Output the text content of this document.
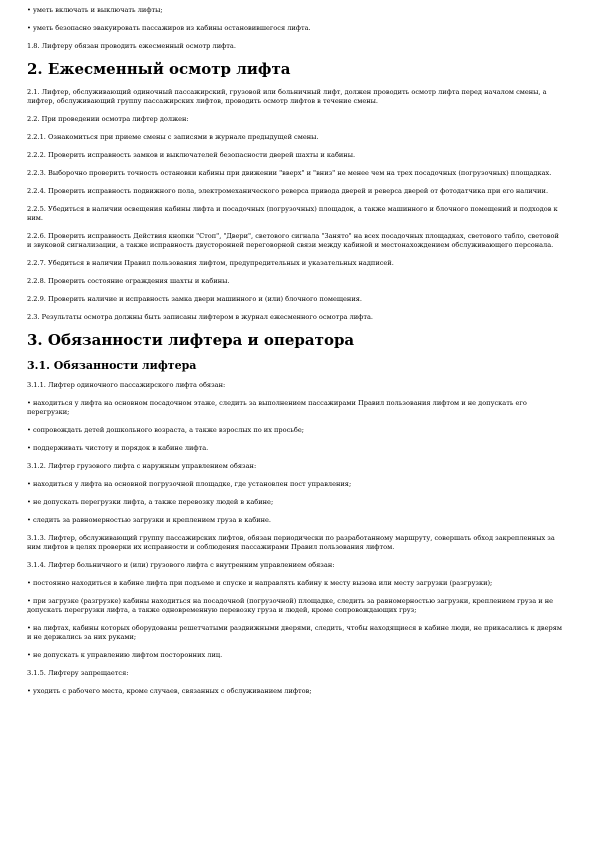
• уметь включать и выключать лифты;
• уметь безопасно эвакуировать пассажиров из кабины остановившегося лифта.
1.8. Лифтеру обязан проводить ежесменный осмотр лифта.
2. Ежесменный осмотр лифта
2.1. Лифтер, обслуживающий одиночный пассажирский, грузовой или больничный лифт, должен проводить осмотр лифта перед началом смены, а лифтер, обслуживающий группу пассажирских лифтов, проводить осмотр лифтов в течение смены.
2.2. При проведении осмотра лифтер должен:
2.2.1. Ознакомиться при приеме смены с записями в журнале предыдущей смены.
2.2.2. Проверить исправность замков и выключателей безопасности дверей шахты и кабины.
2.2.3. Выборочно проверить точность остановки кабины при движении "вверх" и "вниз" не менее чем на трех посадочных (погрузочных) площадках.
2.2.4. Проверить исправность подвижного пола, электромеханического реверса привода дверей и реверса дверей от фотодатчика при его наличии.
2.2.5. Убедиться в наличии освещения кабины лифта и посадочных (погрузочных) площадок, а также машинного и блочного помещений и подходов к ним.
2.2.6. Проверить исправность Действия кнопки "Стоп", "Двери", светового сигнала "Занято" на всех посадочных площадках, светового табло, световой и звуковой сигнализации, а также исправность двусторонней переговорной связи между кабиной и местонахождением обслуживающего персонала.
2.2.7. Убедиться в наличии Правил пользования лифтом, предупредительных и указательных надписей.
2.2.8. Проверить состояние ограждения шахты и кабины.
2.2.9. Проверить наличие и исправность замка двери машинного и (или) блочного помещения.
2.3. Результаты осмотра должны быть записаны лифтером в журнал ежесменного осмотра лифта.
3. Обязанности лифтера и оператора
3.1. Обязанности лифтера
3.1.1. Лифтер одиночного пассажирского лифта обязан:
• находиться у лифта на основном посадочном этаже, следить за выполнением пассажирами Правил пользования лифтом и не допускать его перегрузки;
• сопровождать детей дошкольного возраста, а также взрослых по их просьбе;
• поддерживать чистоту и порядок в кабине лифта.
3.1.2. Лифтер грузового лифта с наружным управлением обязан:
• находиться у лифта на основной погрузочной площадке, где установлен пост управления;
• не допускать перегрузки лифта, а также перевозку людей в кабине;
• следить за равномерностью загрузки и креплением груза в кабине.
3.1.3. Лифтер, обслуживающий группу пассажирских лифтов, обязан периодически по разработанному маршруту, совершать обход закрепленных за ним лифтов в целях проверки их исправности и соблюдения пассажирами Правил пользования лифтом.
3.1.4. Лифтер больничного и (или) грузового лифта с внутренним управлением обязан:
• постоянно находиться в кабине лифта при подъеме и спуске и направлять кабину к месту вызова или месту загрузки (разгрузки);
• при загрузке (разгрузке) кабины находиться на посадочной (погрузочной) площадке, следить за равномерностью загрузки, креплением груза и не допускать перегрузки лифта, а также одновременную перевозку груза и людей, кроме сопровождающих груз;
• на лифтах, кабины которых оборудованы решетчатыми раздвижными дверями, следить, чтобы находящиеся в кабине люди, не прикасались к дверям и не держались за них руками;
• не допускать к управлению лифтом посторонних лиц.
3.1.5. Лифтеру запрещается:
• уходить с рабочего места, кроме случаев, связанных с обслуживанием лифтов;
